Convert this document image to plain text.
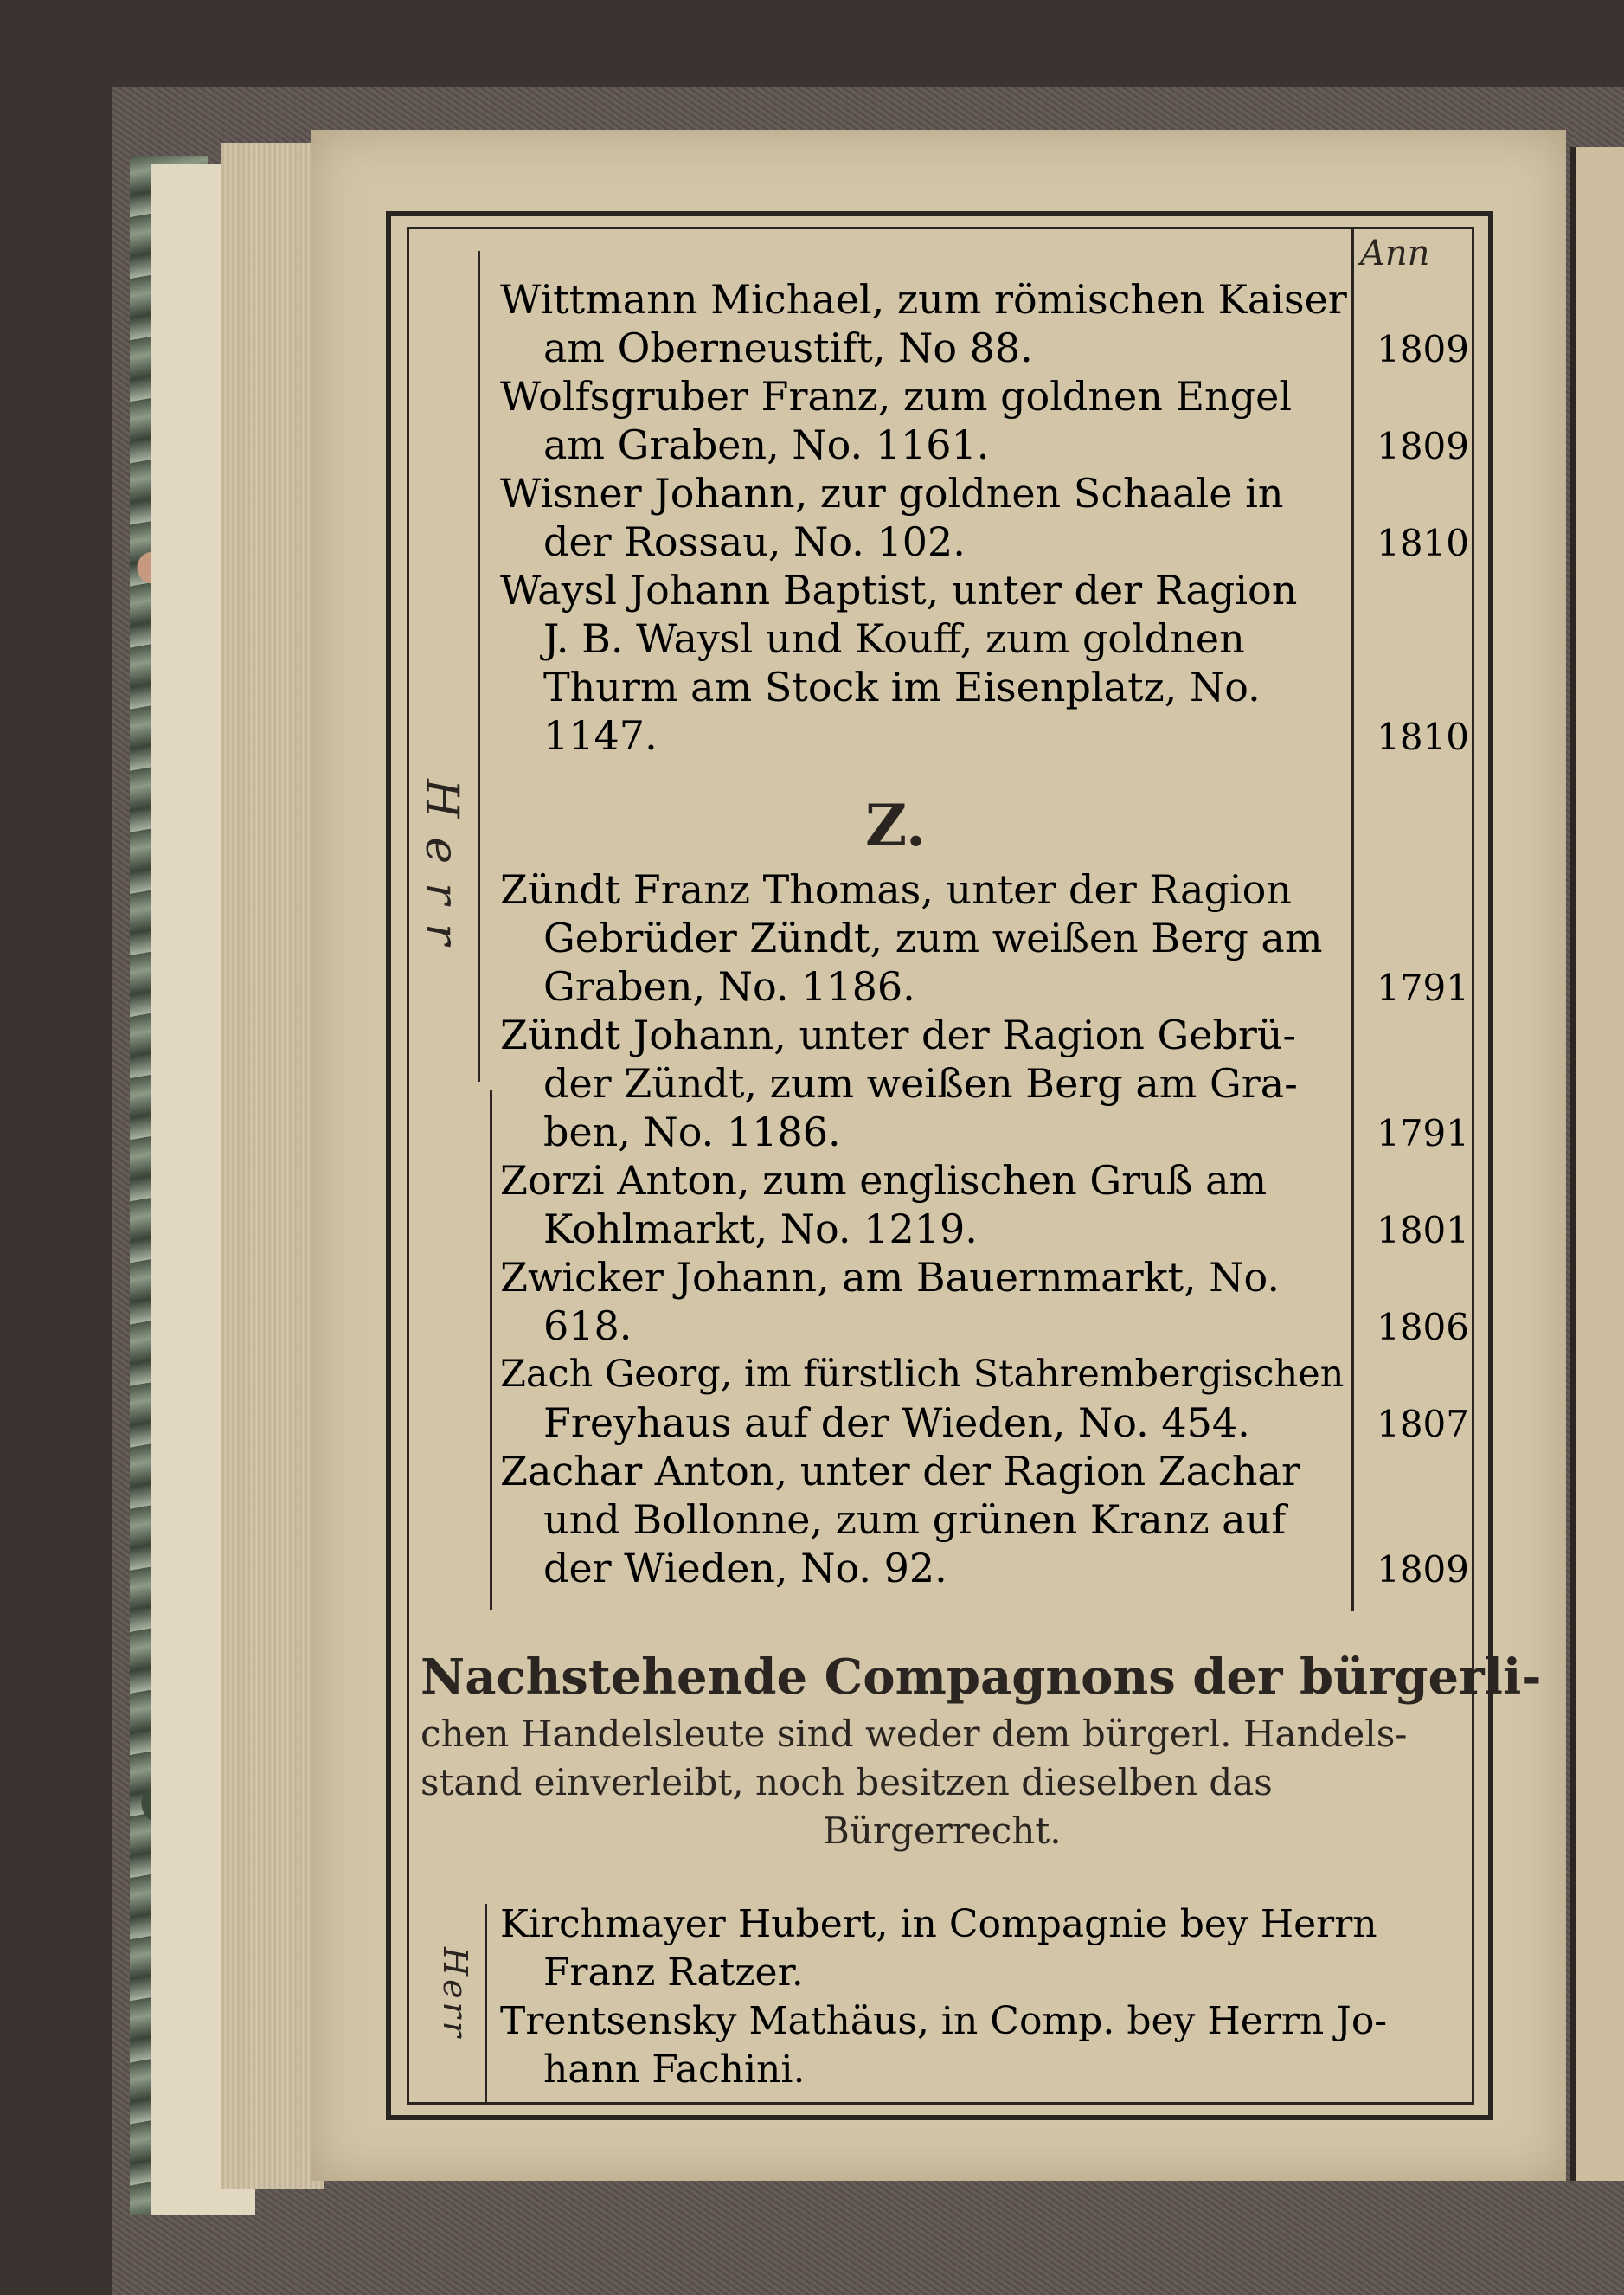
Ann
Herr
Herr
Wittmann Michael, zum römischen Kaiser
am Oberneustift, No 88.	1809
Wolfsgruber Franz, zum goldnen Engel
am Graben, No. 1161.	1809
Wisner Johann, zur goldnen Schaale in
der Rossau, No. 102.	1810
Waysl Johann Baptist, unter der Ragion
J. B. Waysl und Kouff, zum goldnen
Thurm am Stock im Eisenplatz, No.
1147.	1810
Z.
Zündt Franz Thomas, unter der Ragion
Gebrüder Zündt, zum weißen Berg am
Graben, No. 1186.	1791
Zündt Johann, unter der Ragion Gebrü-
der Zündt, zum weißen Berg am Gra-
ben, No. 1186.	1791
Zorzi Anton, zum englischen Gruß am
Kohlmarkt, No. 1219.	1801
Zwicker Johann, am Bauernmarkt, No.
618.	1806
Zach Georg, im fürstlich Stahrembergischen
Freyhaus auf der Wieden, No. 454.	1807
Zachar Anton, unter der Ragion Zachar
und Bollonne, zum grünen Kranz auf
der Wieden, No. 92.	1809
Nachstehende Compagnons der bürgerli-
chen Handelsleute sind weder dem bürgerl. Handels-
stand einverleibt, noch besitzen dieselben das
Bürgerrecht.
Kirchmayer Hubert, in Compagnie bey Herrn
Franz Ratzer.
Trentsensky Mathäus, in Comp. bey Herrn Jo-
hann Fachini.
